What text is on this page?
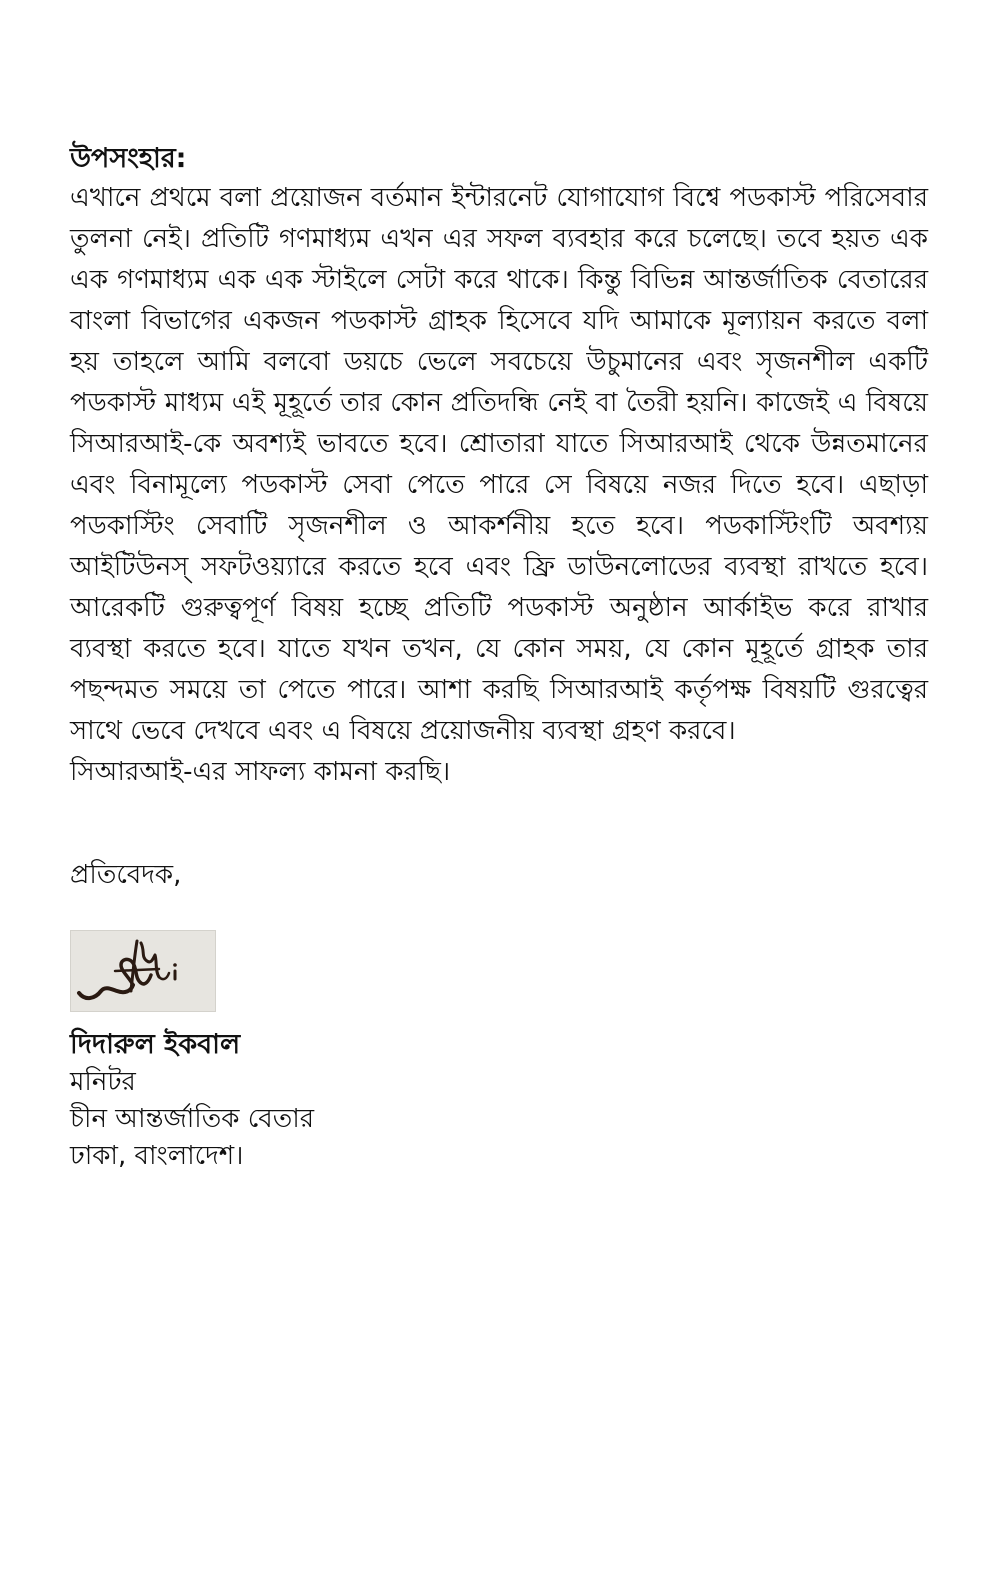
উপসংহার:

এখানে প্রথমে বলা প্রয়োজন বর্তমান ইন্টারনেট যোগাযোগ বিশ্বে পডকাস্ট পরিসেবার তুলনা নেই। প্রতিটি গণমাধ্যম এখন এর সফল ব্যবহার করে চলেছে। তবে হয়ত এক এক গণমাধ্যম এক এক স্টাইলে সেটা করে থাকে। কিন্তু বিভিন্ন আন্তর্জাতিক বেতারের বাংলা বিভাগের একজন পডকাস্ট গ্রাহক হিসেবে যদি আমাকে মূল্যায়ন করতে বলা হয় তাহলে আমি বলবো ডয়চে ভেলে সবচেয়ে উচুমানের এবং সৃজনশীল একটি পডকাস্ট মাধ্যম এই মূহূর্তে তার কোন প্রতিদন্ধি নেই বা তৈরী হয়নি। কাজেই এ বিষয়ে সিআরআই-কে অবশ্যই ভাবতে হবে। শ্রোতারা যাতে সিআরআই থেকে উন্নতমানের এবং বিনামূল্যে পডকাস্ট সেবা পেতে পারে সে বিষয়ে নজর দিতে হবে। এছাড়া পডকাস্টিং সেবাটি সৃজনশীল ও আকর্শনীয় হতে হবে। পডকাস্টিংটি অবশ্যয় আইটিউনস্ সফটওয়্যারে করতে হবে এবং ফ্রি ডাউনলোডের ব্যবস্থা রাখতে হবে। আরেকটি গুরুত্বপূর্ণ বিষয় হচ্ছে প্রতিটি পডকাস্ট অনুষ্ঠান আর্কাইভ করে রাখার ব্যবস্থা করতে হবে। যাতে যখন তখন, যে কোন সময়, যে কোন মূহূর্তে গ্রাহক তার পছন্দমত সময়ে তা পেতে পারে। আশা করছি সিআরআই কর্তৃপক্ষ বিষয়টি গুরত্বের সাথে ভেবে দেখবে এবং এ বিষয়ে প্রয়োজনীয় ব্যবস্থা গ্রহণ করবে।

সিআরআই-এর সাফল্য কামনা করছি।

প্রতিবেদক,

দিদারুল ইকবাল

মনিটর

চীন আন্তর্জাতিক বেতার

ঢাকা, বাংলাদেশ।
